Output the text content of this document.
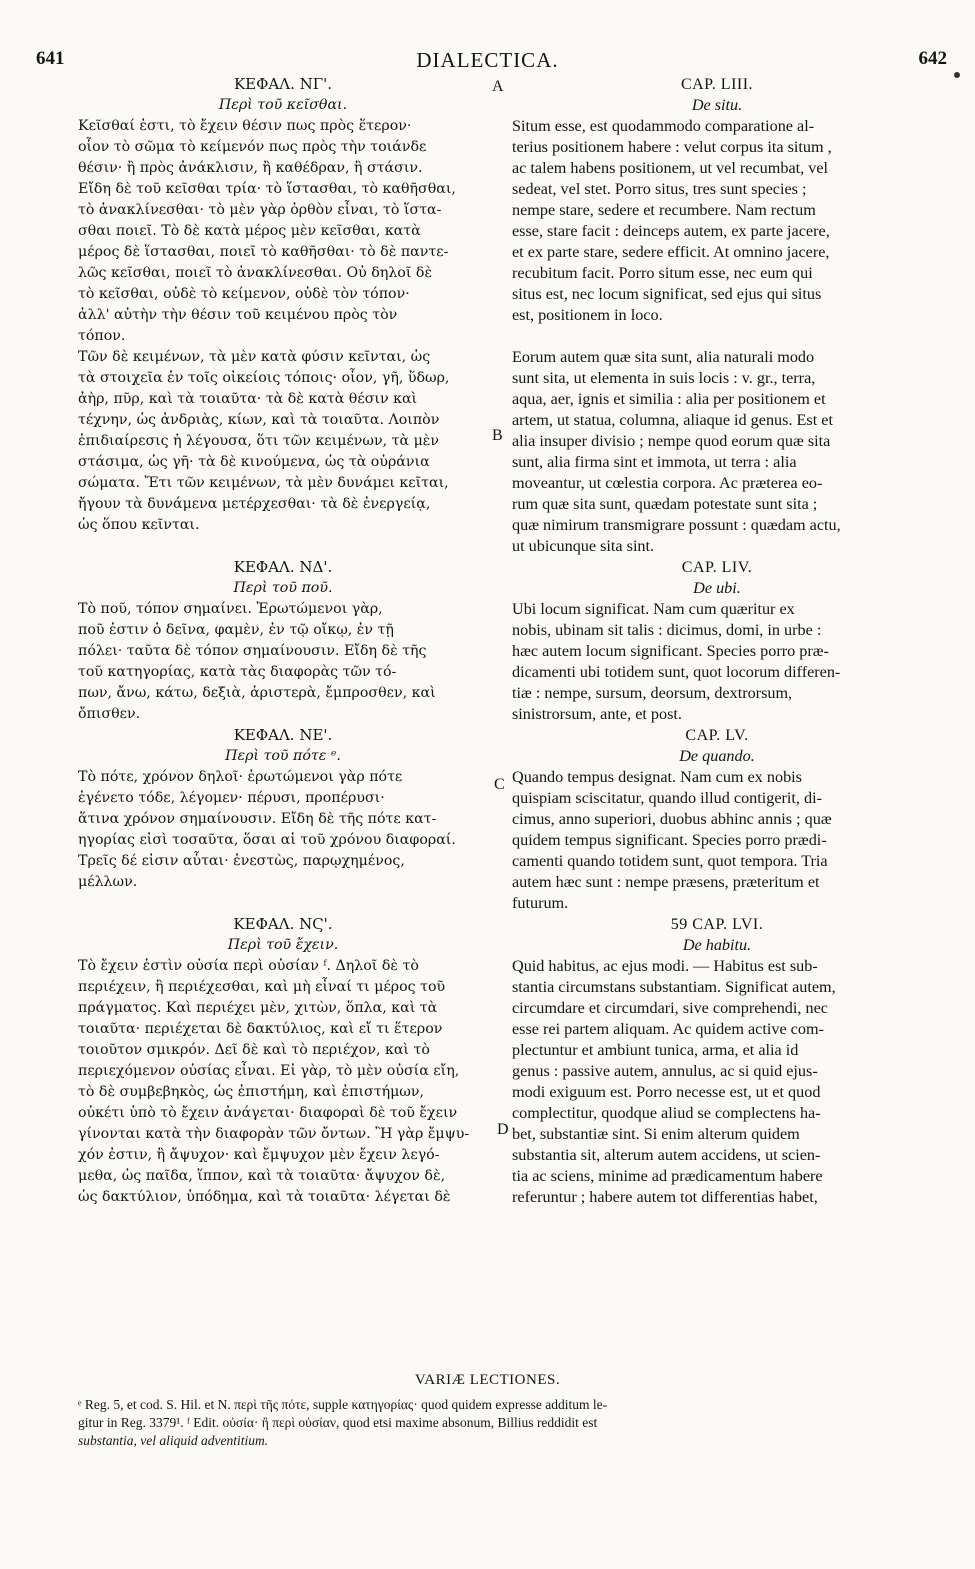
641	DIALECTICA.	642
A
B
C
D
ΚΕΦΑΛ. ΝΓ'.
Περὶ τοῦ κεῖσθαι.
Κεῖσθαί ἐστι, τὸ ἔχειν θέσιν πως πρὸς ἕτερον·
οἷον τὸ σῶμα τὸ κείμενόν πως πρὸς τὴν τοιάνδε
θέσιν· ἢ πρὸς ἀνάκλισιν, ἢ καθέδραν, ἢ στάσιν.
Εἴδη δὲ τοῦ κεῖσθαι τρία· τὸ ἵστασθαι, τὸ καθῆσθαι,
τὸ ἀνακλίνεσθαι· τὸ μὲν γὰρ ὀρθὸν εἶναι, τὸ ἵστα-
σθαι ποιεῖ. Τὸ δὲ κατὰ μέρος μὲν κεῖσθαι, κατὰ
μέρος δὲ ἵστασθαι, ποιεῖ τὸ καθῆσθαι· τὸ δὲ παντε-
λῶς κεῖσθαι, ποιεῖ τὸ ἀνακλίνεσθαι. Οὐ δηλοῖ δὲ
τὸ κεῖσθαι, οὐδὲ τὸ κείμενον, οὐδὲ τὸν τόπον·
ἀλλ' αὐτὴν τὴν θέσιν τοῦ κειμένου πρὸς τὸν
τόπον.
Τῶν δὲ κειμένων, τὰ μὲν κατὰ φύσιν κεῖνται, ὡς
τὰ στοιχεῖα ἐν τοῖς οἰκείοις τόποις· οἷον, γῆ, ὕδωρ,
ἀὴρ, πῦρ, καὶ τὰ τοιαῦτα· τὰ δὲ κατὰ θέσιν καὶ
τέχνην, ὡς ἀνδριὰς, κίων, καὶ τὰ τοιαῦτα. Λοιπὸν
ἐπιδιαίρεσις ἡ λέγουσα, ὅτι τῶν κειμένων, τὰ μὲν
στάσιμα, ὡς γῆ· τὰ δὲ κινούμενα, ὡς τὰ οὐράνια
σώματα. Ἔτι τῶν κειμένων, τὰ μὲν δυνάμει κεῖται,
ἤγουν τὰ δυνάμενα μετέρχεσθαι· τὰ δὲ ἐνεργείᾳ,
ὡς ὅπου κεῖνται.
ΚΕΦΑΛ. ΝΔ'.
Περὶ τοῦ ποῦ.
Τὸ ποῦ, τόπον σημαίνει. Ἐρωτώμενοι γὰρ,
ποῦ ἐστιν ὁ δεῖνα, φαμὲν, ἐν τῷ οἴκῳ, ἐν τῇ
πόλει· ταῦτα δὲ τόπον σημαίνουσιν. Εἴδη δὲ τῆς
τοῦ κατηγορίας, κατὰ τὰς διαφορὰς τῶν τό-
πων, ἄνω, κάτω, δεξιὰ, ἀριστερὰ, ἔμπροσθεν, καὶ
ὄπισθεν.
ΚΕΦΑΛ. ΝΕ'.
Περὶ τοῦ πότε ᵉ.
Τὸ πότε, χρόνον δηλοῖ· ἐρωτώμενοι γὰρ πότε
ἐγένετο τόδε, λέγομεν· πέρυσι, προπέρυσι·
ἅτινα χρόνον σημαίνουσιν. Εἴδη δὲ τῆς πότε κατ-
ηγορίας εἰσὶ τοσαῦτα, ὅσαι αἱ τοῦ χρόνου διαφοραί.
Τρεῖς δέ εἰσιν αὗται· ἐνεστὼς, παρῳχημένος,
μέλλων.
ΚΕΦΑΛ. ΝϚ'.
Περὶ τοῦ ἔχειν.
Τὸ ἔχειν ἐστὶν οὐσία περὶ οὐσίαν ᶠ. Δηλοῖ δὲ τὸ
περιέχειν, ἢ περιέχεσθαι, καὶ μὴ εἶναί τι μέρος τοῦ
πράγματος. Καὶ περιέχει μὲν, χιτὼν, ὅπλα, καὶ τὰ
τοιαῦτα· περιέχεται δὲ δακτύλιος, καὶ εἴ τι ἕτερον
τοιοῦτον σμικρόν. Δεῖ δὲ καὶ τὸ περιέχον, καὶ τὸ
περιεχόμενον οὐσίας εἶναι. Εἰ γὰρ, τὸ μὲν οὐσία εἴη,
τὸ δὲ συμβεβηκὸς, ὡς ἐπιστήμη, καὶ ἐπιστήμων,
οὐκέτι ὑπὸ τὸ ἔχειν ἀνάγεται· διαφοραὶ δὲ τοῦ ἔχειν
γίνονται κατὰ τὴν διαφορὰν τῶν ὄντων. Ἢ γὰρ ἔμψυ-
χόν ἐστιν, ἢ ἄψυχον· καὶ ἔμψυχον μὲν ἔχειν λεγό-
μεθα, ὡς παῖδα, ἵππον, καὶ τὰ τοιαῦτα· ἄψυχον δὲ,
ὡς δακτύλιον, ὑπόδημα, καὶ τὰ τοιαῦτα· λέγεται δὲ
CAP. LIII.
De situ.
Situm esse, est quodammodo comparatione al-
terius positionem habere : velut corpus ita situm ,
ac talem habens positionem, ut vel recumbat, vel
sedeat, vel stet. Porro situs, tres sunt species ;
nempe stare, sedere et recumbere. Nam rectum
esse, stare facit : deinceps autem, ex parte jacere,
et ex parte stare, sedere efficit. At omnino jacere,
recubitum facit. Porro situm esse, nec eum qui
situs est, nec locum significat, sed ejus qui situs
est, positionem in loco.
Eorum autem quæ sita sunt, alia naturali modo
sunt sita, ut elementa in suis locis : v. gr., terra,
aqua, aer, ignis et similia : alia per positionem et
artem, ut statua, columna, aliaque id genus. Est et
alia insuper divisio ; nempe quod eorum quæ sita
sunt, alia firma sint et immota, ut terra : alia
moveantur, ut cœlestia corpora. Ac præterea eo-
rum quæ sita sunt, quædam potestate sunt sita ;
quæ nimirum transmigrare possunt : quædam actu,
ut ubicunque sita sint.
CAP. LIV.
De ubi.
Ubi locum significat. Nam cum quæritur ex
nobis, ubinam sit talis : dicimus, domi, in urbe :
hæc autem locum significant. Species porro præ-
dicamenti ubi totidem sunt, quot locorum differen-
tiæ : nempe, sursum, deorsum, dextrorsum,
sinistrorsum, ante, et post.
CAP. LV.
De quando.
Quando tempus designat. Nam cum ex nobis
quispiam sciscitatur, quando illud contigerit, di-
cimus, anno superiori, duobus abhinc annis ; quæ
quidem tempus significant. Species porro prædi-
camenti quando totidem sunt, quot tempora. Tria
autem hæc sunt : nempe præsens, præteritum et
futurum.
59 CAP. LVI.
De habitu.
Quid habitus, ac ejus modi. — Habitus est sub-
stantia circumstans substantiam. Significat autem,
circumdare et circumdari, sive comprehendi, nec
esse rei partem aliquam. Ac quidem active com-
plectuntur et ambiunt tunica, arma, et alia id
genus : passive autem, annulus, ac si quid ejus-
modi exiguum est. Porro necesse est, ut et quod
complectitur, quodque aliud se complectens ha-
bet, substantiæ sint. Si enim alterum quidem
substantia sit, alterum autem accidens, ut scien-
tia ac sciens, minime ad prædicamentum habere
referuntur ; habere autem tot differentias habet,
VARIÆ LECTIONES.
ᵉ Reg. 5, et cod. S. Hil. et N. περὶ τῆς πότε, supple κατηγορίας· quod quidem expresse additum le-
gitur in Reg. 3379¹. ᶠ Edit. οὐσία· ἢ περὶ οὐσίαν, quod etsi maxime absonum, Billius reddidit est
substantia, vel aliquid adventitium.
